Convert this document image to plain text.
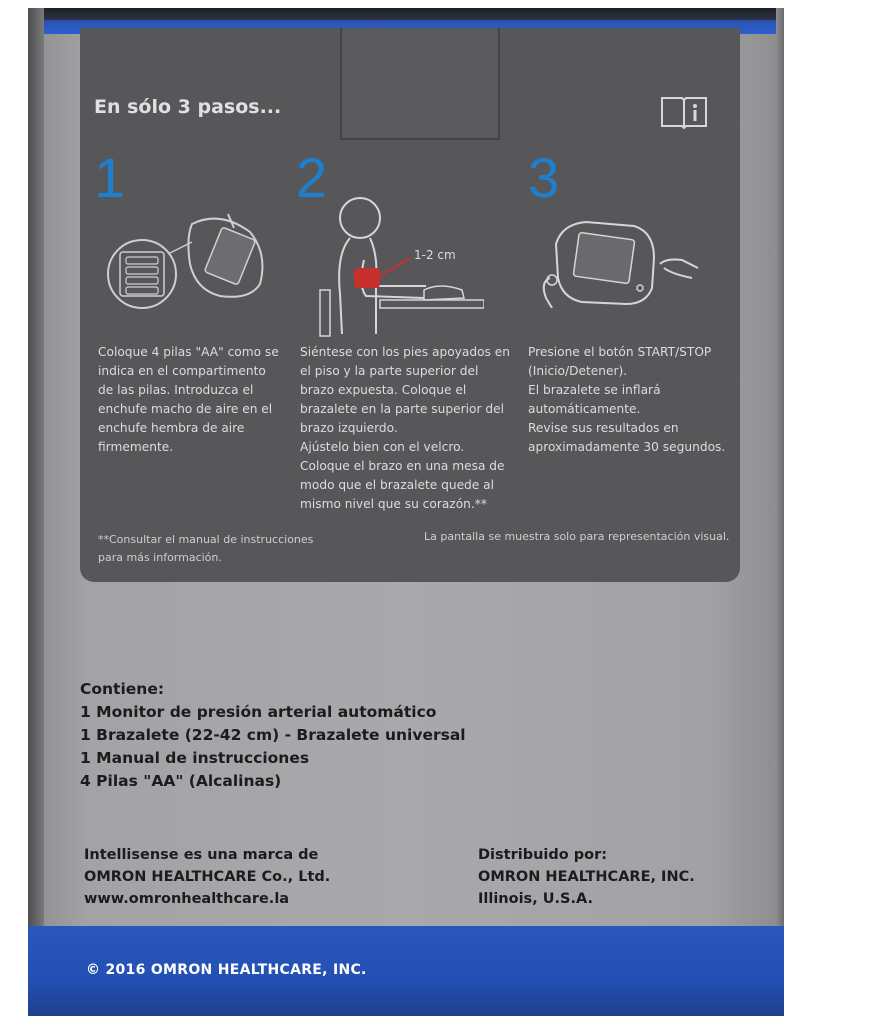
En sólo 3 pasos...
1	2	3
1-2 cm
Coloque 4 pilas "AA" como se
indica en el compartimento
de las pilas. Introduzca el
enchufe macho de aire en el
enchufe hembra de aire
firmemente.
Siéntese con los pies apoyados en
el piso y la parte superior del
brazo expuesta. Coloque el
brazalete en la parte superior del
brazo izquierdo.
Ajústelo bien con el velcro.
Coloque el brazo en una mesa de
modo que el brazalete quede al
mismo nivel que su corazón.**
Presione el botón START/STOP
(Inicio/Detener).
El brazalete se inflará
automáticamente.
Revise sus resultados en
aproximadamente 30 segundos.
**Consultar el manual de instrucciones
para más información.
La pantalla se muestra solo para representación visual.
Contiene:
1 Monitor de presión arterial automático
1 Brazalete (22-42 cm) - Brazalete universal
1 Manual de instrucciones
4 Pilas "AA" (Alcalinas)
Intellisense es una marca de
OMRON HEALTHCARE Co., Ltd.
www.omronhealthcare.la
Distribuido por:
OMRON HEALTHCARE, INC.
Illinois, U.S.A.
© 2016 OMRON HEALTHCARE, INC.
